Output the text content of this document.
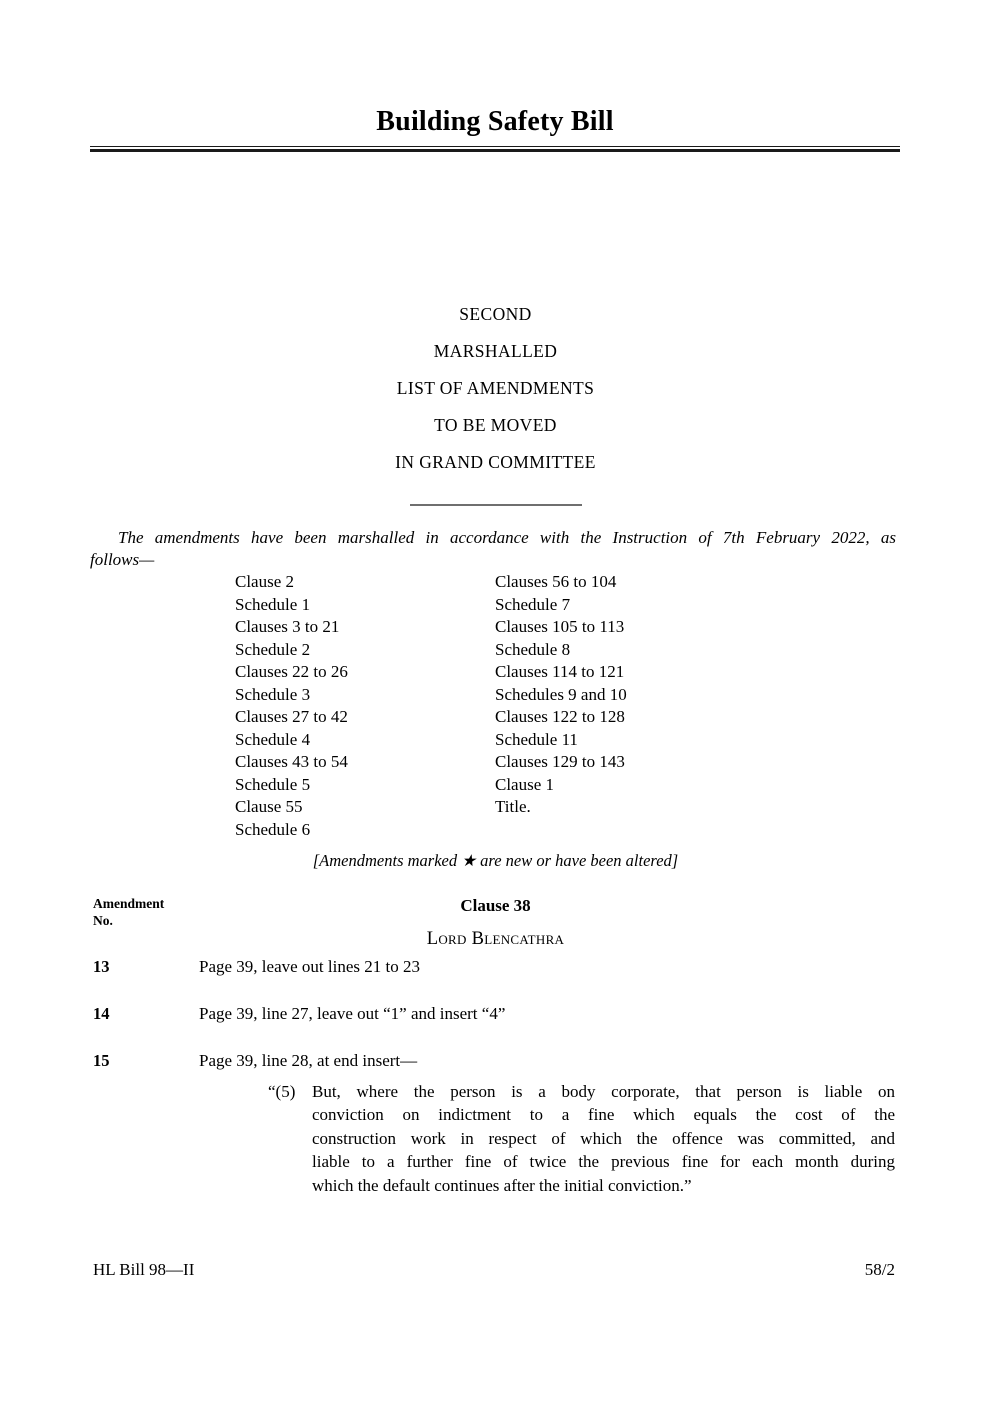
Building Safety Bill
SECOND
MARSHALLED
LIST OF AMENDMENTS
TO BE MOVED
IN GRAND COMMITTEE
The amendments have been marshalled in accordance with the Instruction of 7th February 2022, as
follows—
Clause 2
Schedule 1
Clauses 3 to 21
Schedule 2
Clauses 22 to 26
Schedule 3
Clauses 27 to 42
Schedule 4
Clauses 43 to 54
Schedule 5
Clause 55
Schedule 6
Clauses 56 to 104
Schedule 7
Clauses 105 to 113
Schedule 8
Clauses 114 to 121
Schedules 9 and 10
Clauses 122 to 128
Schedule 11
Clauses 129 to 143
Clause 1
Title.
[Amendments marked ★ are new or have been altered]
Amendment
No.
Clause 38
Lord Blencathra
13	Page 39, leave out lines 21 to 23
14	Page 39, line 27, leave out “1” and insert “4”
15	Page 39, line 28, at end insert—
“(5) But, where the person is a body corporate, that person is liable on
conviction on indictment to a fine which equals the cost of the
construction work in respect of which the offence was committed, and
liable to a further fine of twice the previous fine for each month during
which the default continues after the initial conviction.”
HL Bill 98—II	58/2
